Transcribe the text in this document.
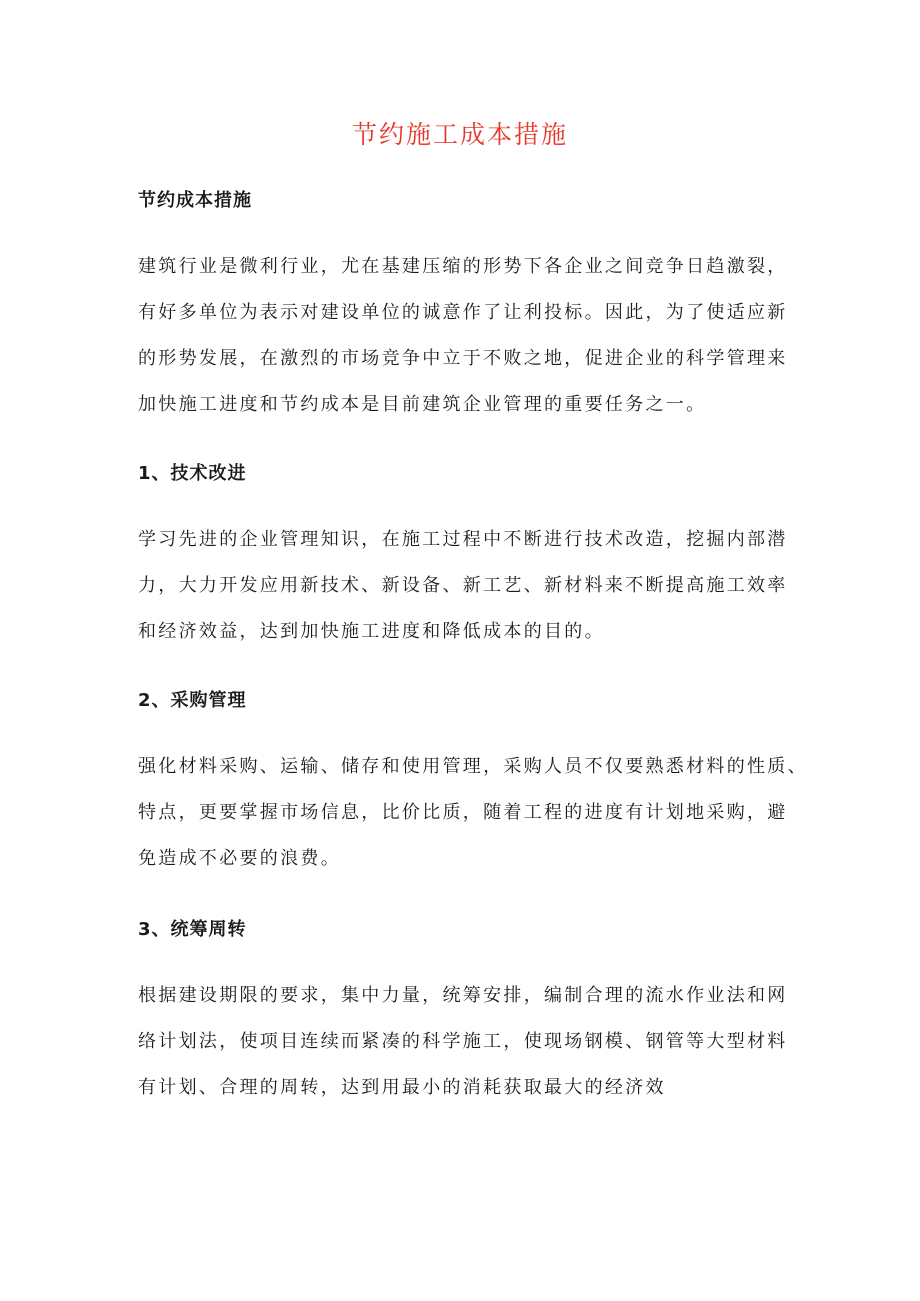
节约施工成本措施
节约成本措施
建筑行业是微利行业，尤在基建压缩的形势下各企业之间竞争日趋激裂，
有好多单位为表示对建设单位的诚意作了让利投标。因此，为了使适应新
的形势发展，在激烈的市场竞争中立于不败之地，促进企业的科学管理来
加快施工进度和节约成本是目前建筑企业管理的重要任务之一。
1、技术改进
学习先进的企业管理知识，在施工过程中不断进行技术改造，挖掘内部潜
力，大力开发应用新技术、新设备、新工艺、新材料来不断提高施工效率
和经济效益，达到加快施工进度和降低成本的目的。
2、采购管理
强化材料采购、运输、储存和使用管理，采购人员不仅要熟悉材料的性质、
特点，更要掌握市场信息，比价比质，随着工程的进度有计划地采购，避
免造成不必要的浪费。
3、统筹周转
根据建设期限的要求，集中力量，统筹安排，编制合理的流水作业法和网
络计划法，使项目连续而紧凑的科学施工，使现场钢模、钢管等大型材料
有计划、合理的周转，达到用最小的消耗获取最大的经济效
